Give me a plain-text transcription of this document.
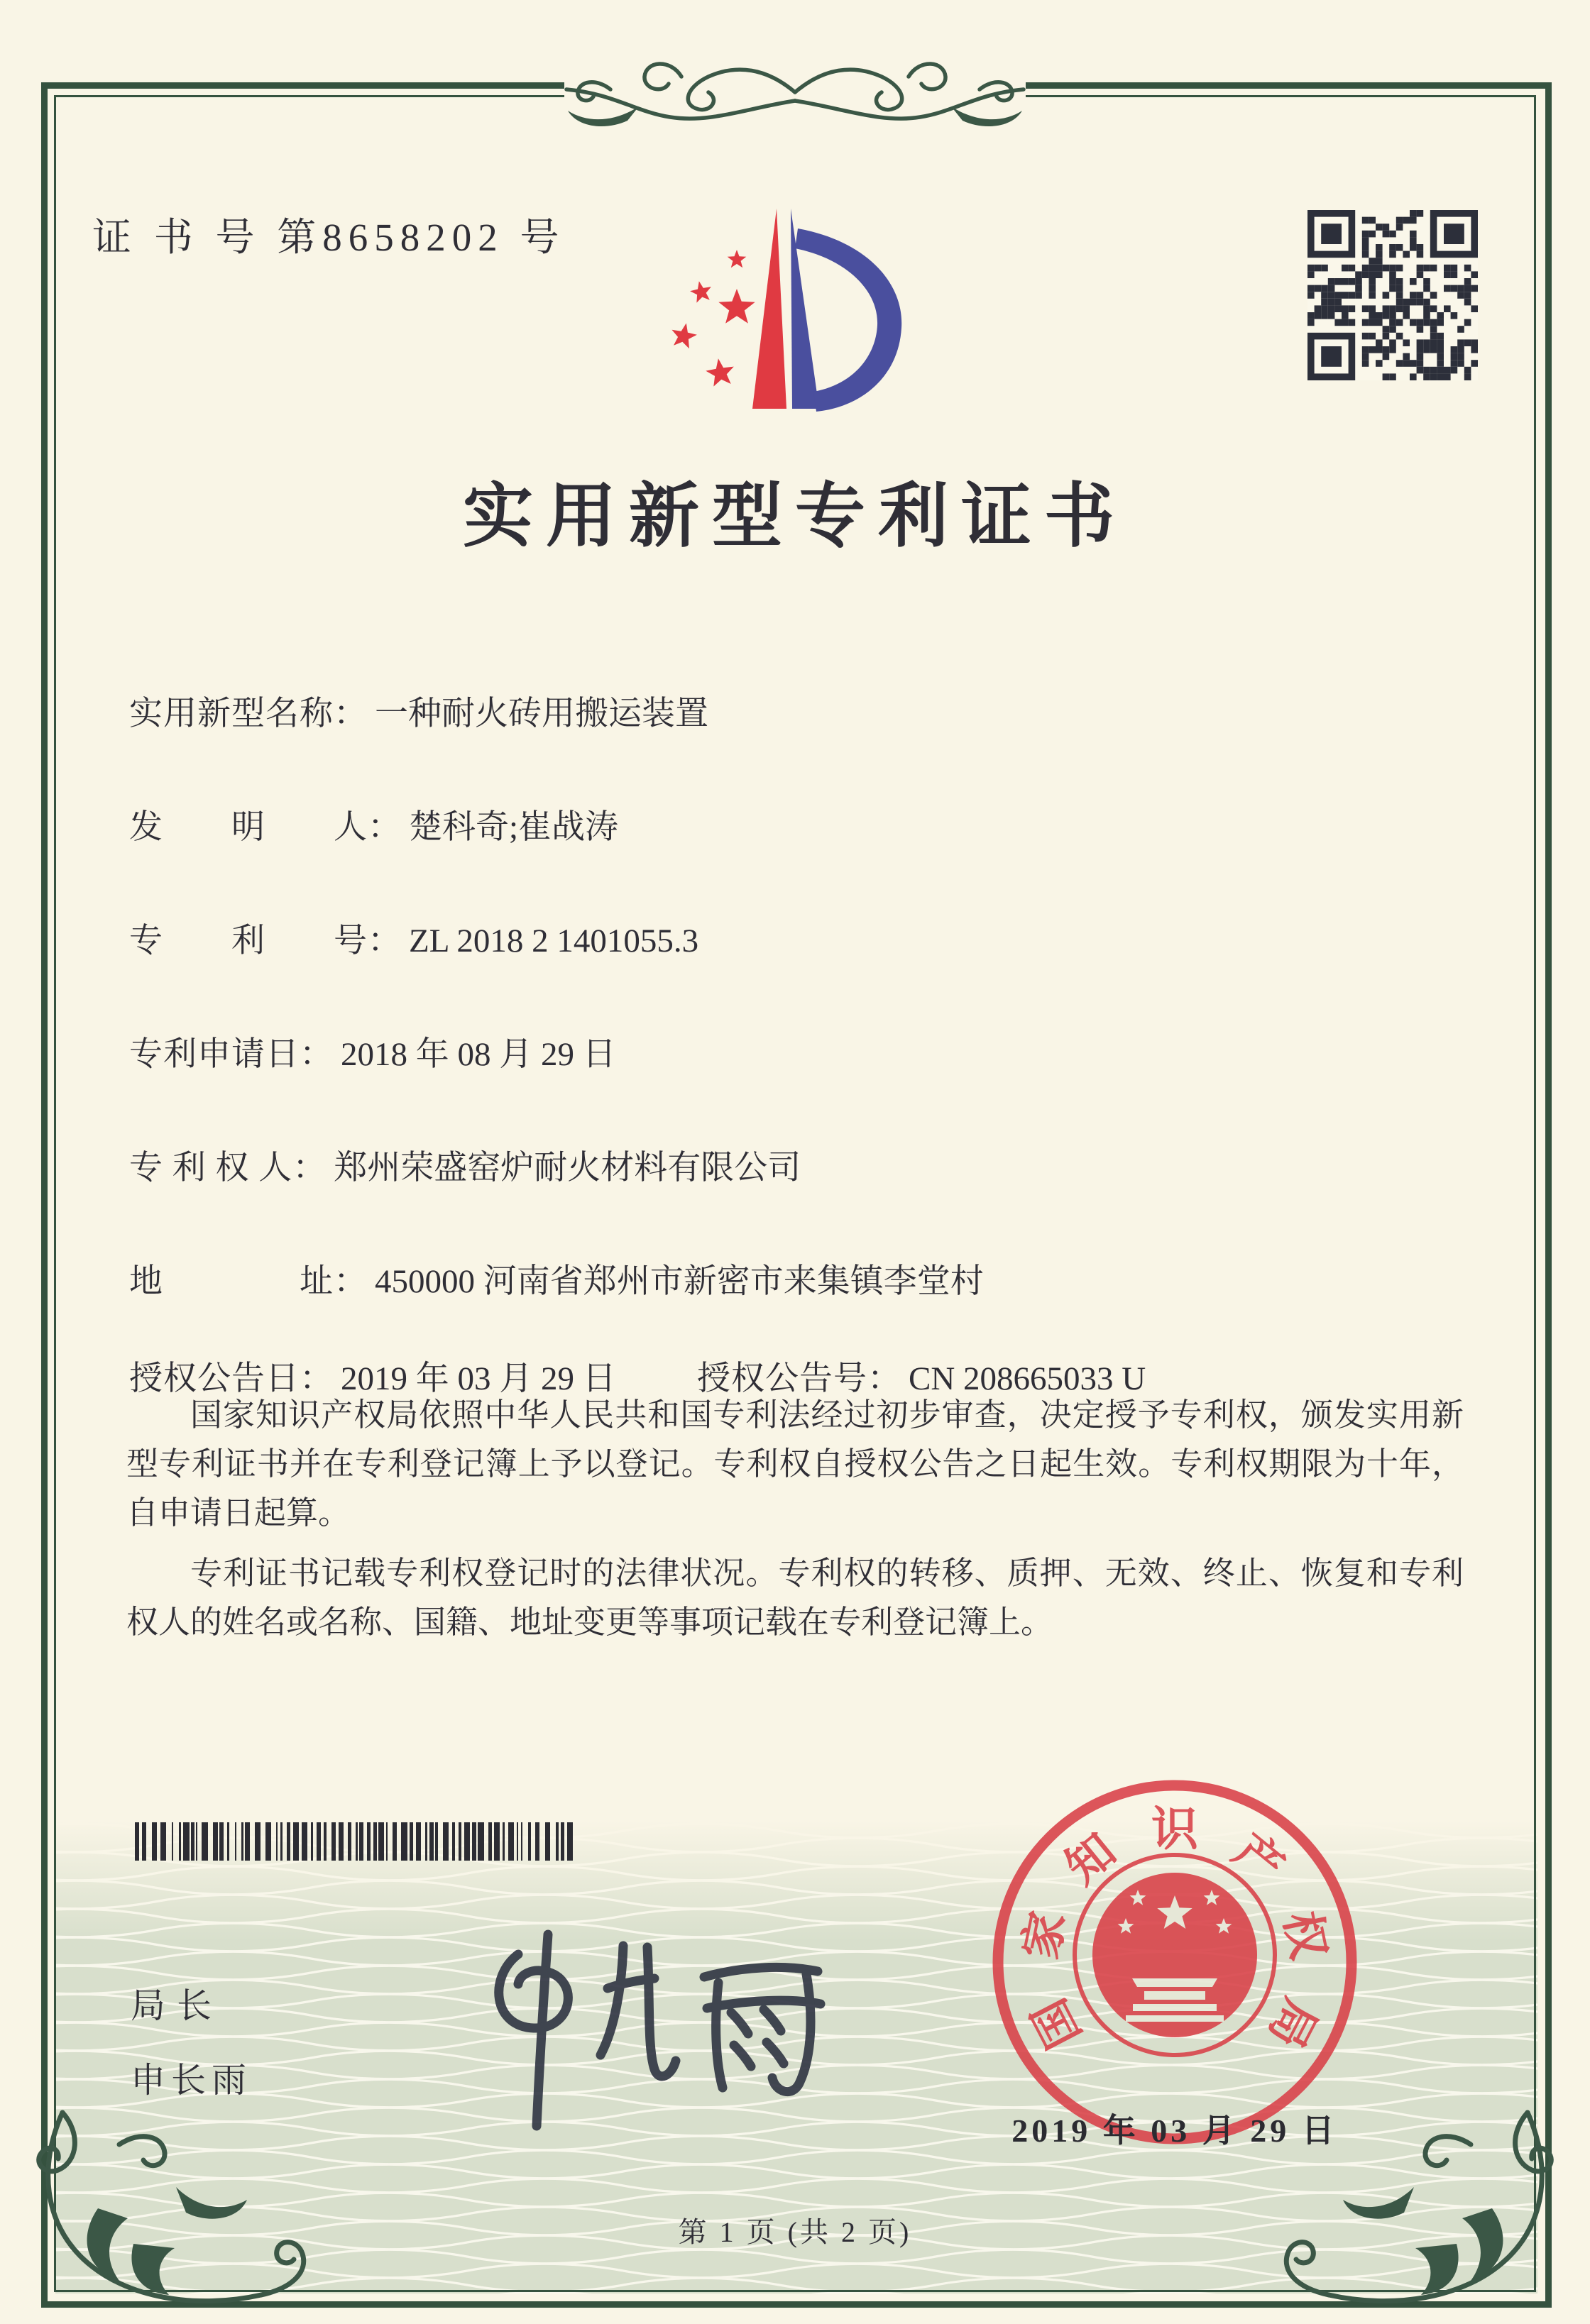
证 书 号 第8658202 号
实用新型专利证书
实用新型名称： 一种耐火砖用搬运装置
发　　明　　人： 楚科奇;崔战涛
专　　利　　号： ZL 2018 2 1401055.3
专利申请日： 2018 年 08 月 29 日
专 利 权 人： 郑州荣盛窑炉耐火材料有限公司
地　　　　址： 450000 河南省郑州市新密市来集镇李堂村
授权公告日： 2019 年 03 月 29 日 授权公告号： CN 208665033 U

国家知识产权局依照中华人民共和国专利法经过初步审查，决定授予专利权，颁发实用新型专利证书并在专利登记簿上予以登记。专利权自授权公告之日起生效。专利权期限为十年，自申请日起算。

专利证书记载专利权登记时的法律状况。专利权的转移、质押、无效、终止、恢复和专利权人的姓名或名称、国籍、地址变更等事项记载在专利登记簿上。

局长
申长雨
国
家
知 识 产
权
局
2019 年 03 月 29 日
第 1 页 (共 2 页)
